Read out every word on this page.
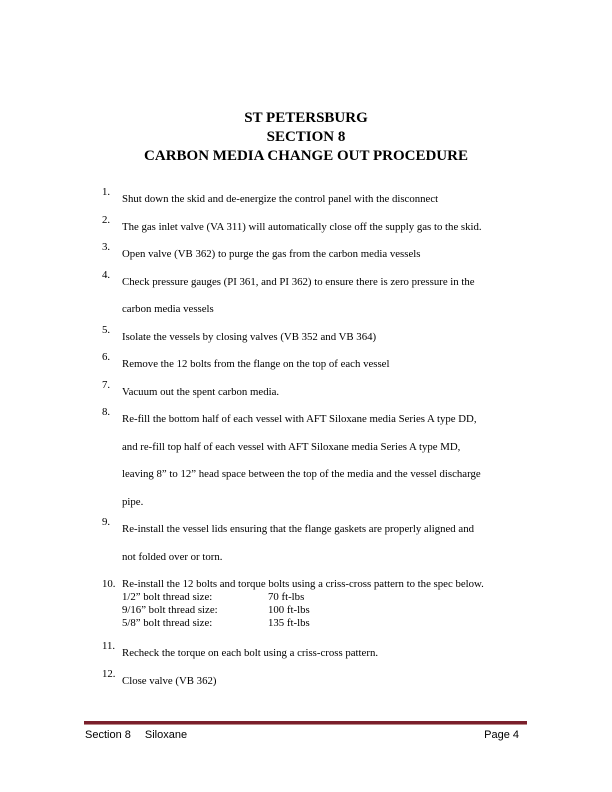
ST PETERSBURG
SECTION 8
CARBON MEDIA CHANGE OUT PROCEDURE
1.
Shut down the skid and de-energize the control panel with the disconnect
2.
The gas inlet valve (VA 311) will automatically close off the supply gas to the skid.
3.
Open valve (VB 362) to purge the gas from the carbon media vessels
4.
Check pressure gauges (PI 361, and PI 362) to ensure there is zero pressure in the
carbon media vessels
5.
Isolate the vessels by closing valves (VB 352 and VB 364)
6.
Remove the 12 bolts from the flange on the top of each vessel
7.
Vacuum out the spent carbon media.
8.
Re-fill the bottom half of each vessel with AFT Siloxane media Series A type DD,
and re-fill top half of each vessel with AFT Siloxane media Series A type MD,
leaving 8” to 12” head space between the top of the media and the vessel discharge
pipe.
9.
Re-install the vessel lids ensuring that the flange gaskets are properly aligned and
not folded over or torn.
10. Re-install the 12 bolts and torque bolts using a criss-cross pattern to the spec below.
1/2” bolt thread size:	70 ft-lbs
9/16” bolt thread size:	100 ft-lbs
5/8” bolt thread size:	135 ft-lbs
11.
Recheck the torque on each bolt using a criss-cross pattern.
12.
Close valve (VB 362)
Section 8 Siloxane	Page 4
